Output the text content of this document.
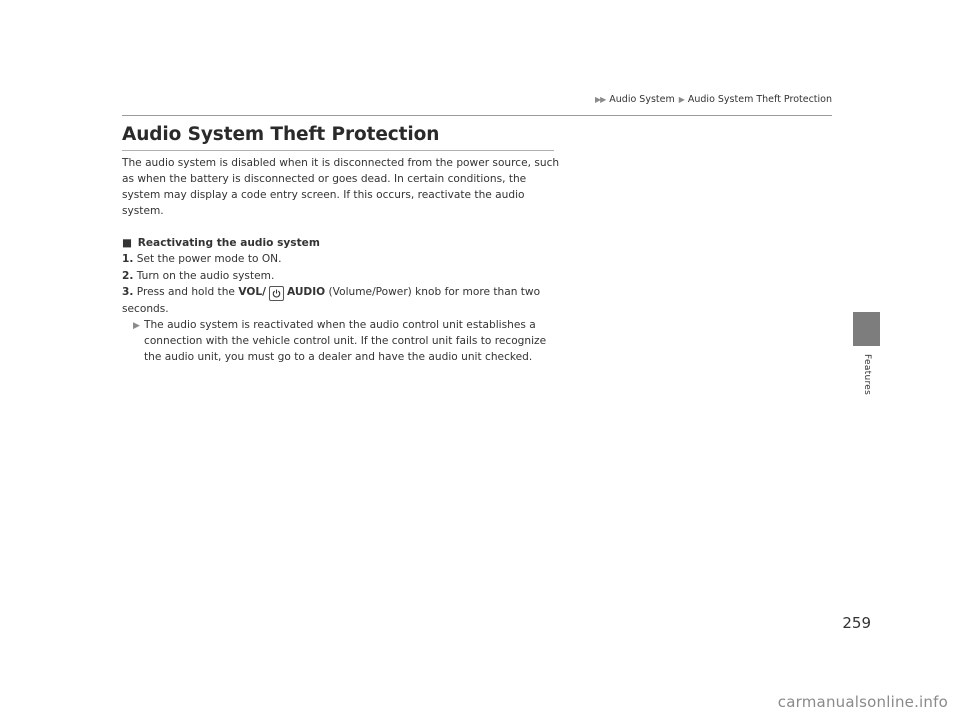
▶▶ Audio System ▶ Audio System Theft Protection
Audio System Theft Protection

The audio system is disabled when it is disconnected from the power source, such as when the battery is disconnected or goes dead. In certain conditions, the system may display a code entry screen. If this occurs, reactivate the audio system.

■ Reactivating the audio system

1. Set the power mode to ON.

2. Turn on the audio system.

3. Press and hold the VOL/ AUDIO (Volume/Power) knob for more than two seconds.

▶ The audio system is reactivated when the audio control unit establishes a connection with the vehicle control unit. If the control unit fails to recognize the audio unit, you must go to a dealer and have the audio unit checked.	Features
259
carmanualsonline.info
